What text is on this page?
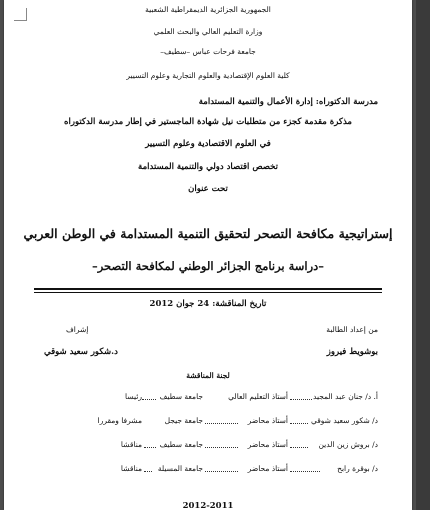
الجمهورية الجزائرية الديمقراطية الشعبية
وزارة التعليم العالي والبحث العلمي
جامعة فرحات عباس –سطيف–
كلية العلوم الإقتصادية والعلوم التجارية وعلوم التسيير
مدرسة الدكتوراه: إدارة الأعمال والتنمية المستدامة
مذكرة مقدمة كجزء من متطلبات نيل شهادة الماجستير في إطار مدرسة الدكتوراه
في العلوم الاقتصادية وعلوم التسيير
تخصص اقتصاد دولي والتنمية المستدامة
تحت عنوان
إستراتيجية مكافحة التصحر لتحقيق التنمية المستدامة في الوطن العربي
–دراسة برنامج الجزائر الوطني لمكافحة التصحر–
تاريخ المناقشة: 24 جوان 2012
من إعداد الطالبة
إشراف
بوشويط فيروز
د.شكور سعيد شوقي
لجنة المناقشة
أ. د/ جنان عبد المجيد
أستاذ التعليم العالي
جامعة سطيف
رئيسا
د/ شكور سعيد شوقي
أستاذ محاضر
جامعة جيجل
مشرفا ومقررا
د/ بروش زين الدين
أستاذ محاضر
جامعة سطيف
مناقشا
د/ بوقرة رابح
أستاذ محاضر
جامعة المسيلة
مناقشا
2012-2011
